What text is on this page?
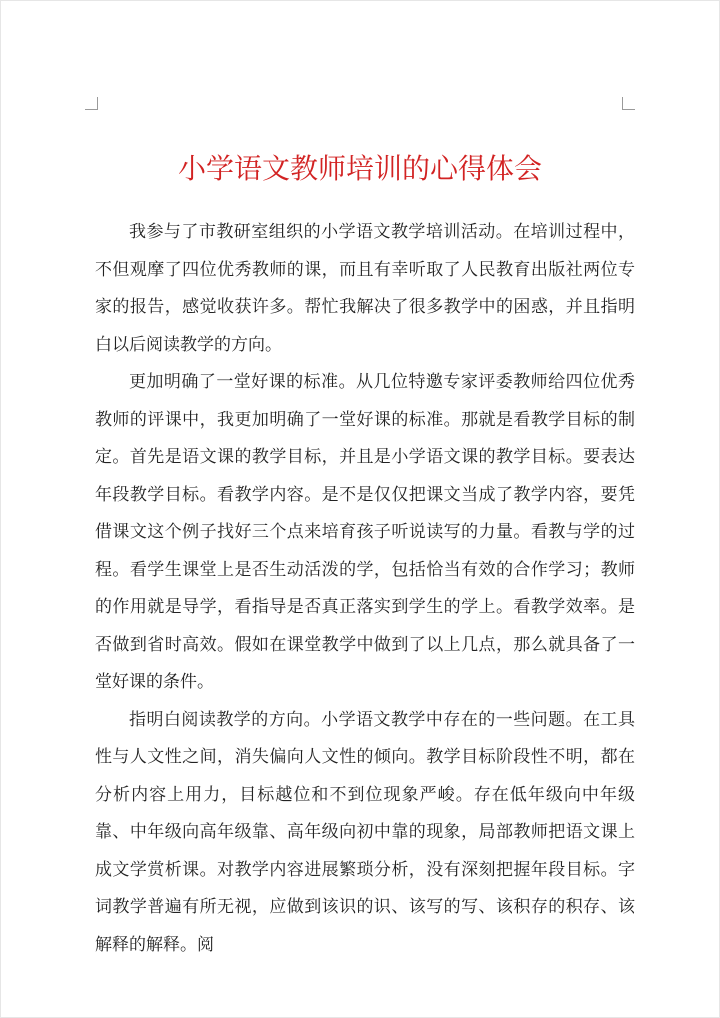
小学语文教师培训的心得体会

我参与了市教研室组织的小学语文教学培训活动。在培训过程中，不但观摩了四位优秀教师的课，而且有幸听取了人民教育出版社两位专家的报告，感觉收获许多。帮忙我解决了很多教学中的困惑，并且指明白以后阅读教学的方向。

更加明确了一堂好课的标准。从几位特邀专家评委教师给四位优秀教师的评课中，我更加明确了一堂好课的标准。那就是看教学目标的制定。首先是语文课的教学目标，并且是小学语文课的教学目标。要表达年段教学目标。看教学内容。是不是仅仅把课文当成了教学内容，要凭借课文这个例子找好三个点来培育孩子听说读写的力量。看教与学的过程。看学生课堂上是否生动活泼的学，包括恰当有效的合作学习；教师的作用就是导学，看指导是否真正落实到学生的学上。看教学效率。是否做到省时高效。假如在课堂教学中做到了以上几点，那么就具备了一堂好课的条件。

指明白阅读教学的方向。小学语文教学中存在的一些问题。在工具性与人文性之间，消失偏向人文性的倾向。教学目标阶段性不明，都在分析内容上用力，目标越位和不到位现象严峻。存在低年级向中年级靠、中年级向高年级靠、高年级向初中靠的现象，局部教师把语文课上成文学赏析课。对教学内容进展繁琐分析，没有深刻把握年段目标。字词教学普遍有所无视，应做到该识的识、该写的写、该积存的积存、该解释的解释。阅
